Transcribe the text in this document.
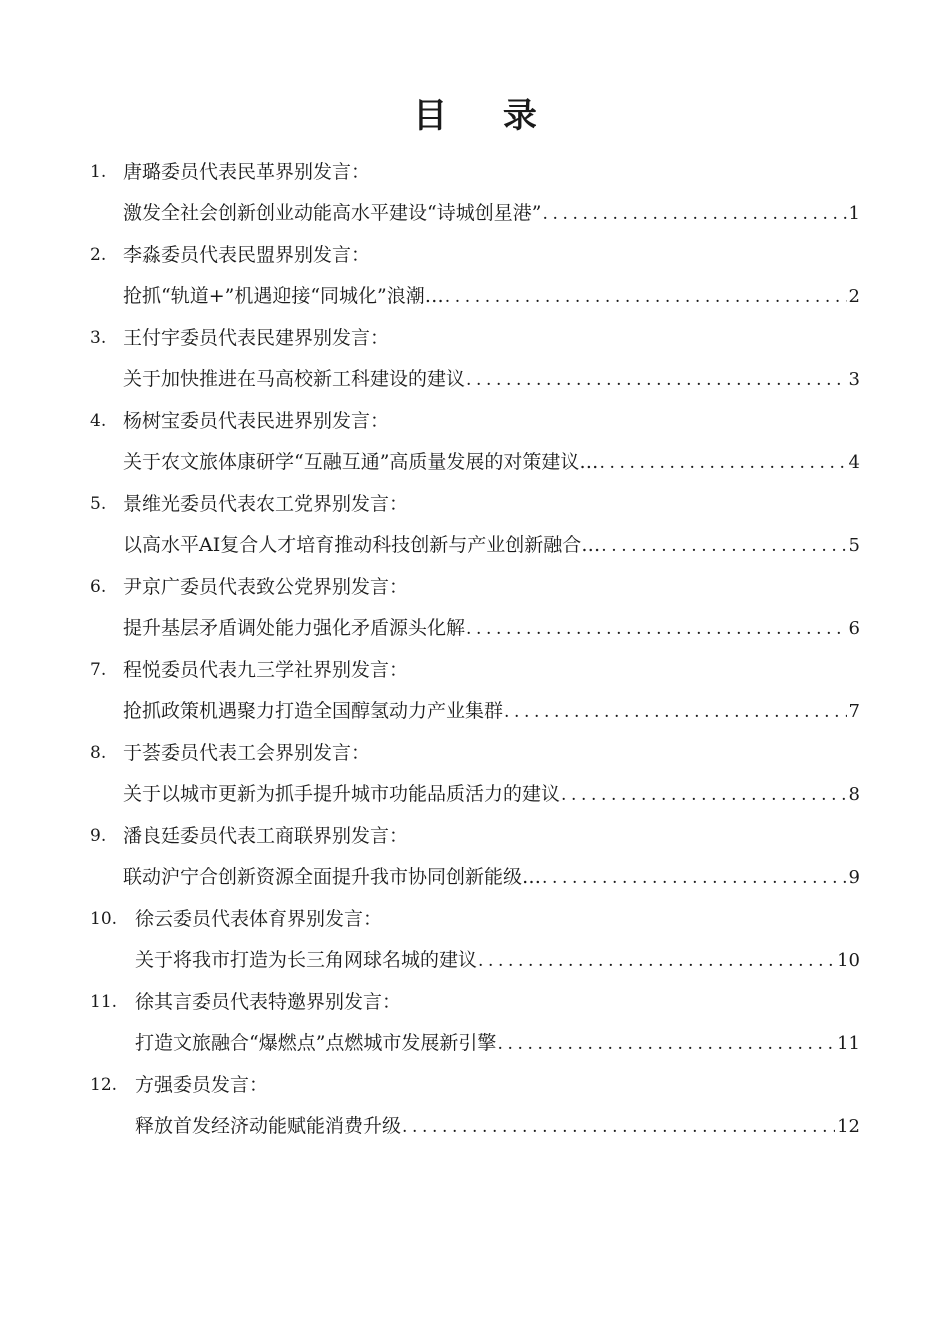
目 录
1. 唐璐委员代表民革界别发言：
激发全社会创新创业动能高水平建设“诗城创星港” .....	1
2. 李淼委员代表民盟界别发言：
抢抓“轨道+”机遇迎接“同城化”浪潮… .....	2
3. 王付宇委员代表民建界别发言：
关于加快推进在马高校新工科建设的建议 .....	3
4. 杨树宝委员代表民进界别发言：
关于农文旅体康研学“互融互通”高质量发展的对策建议… .....	4
5. 景维光委员代表农工党界别发言：
以高水平AI复合人才培育推动科技创新与产业创新融合… .....	5
6. 尹京广委员代表致公党界别发言：
提升基层矛盾调处能力强化矛盾源头化解 .....	6
7. 程悦委员代表九三学社界别发言：
抢抓政策机遇聚力打造全国醇氢动力产业集群 .....	7
8. 于荟委员代表工会界别发言：
关于以城市更新为抓手提升城市功能品质活力的建议 .....	8
9. 潘良廷委员代表工商联界别发言：
联动沪宁合创新资源全面提升我市协同创新能级… .....	9
10. 徐云委员代表体育界别发言：
关于将我市打造为长三角网球名城的建议 .....	10
11. 徐其言委员代表特邀界别发言：
打造文旅融合“爆燃点”点燃城市发展新引擎 .....	11
12. 方强委员发言：
释放首发经济动能赋能消费升级 .....	12
